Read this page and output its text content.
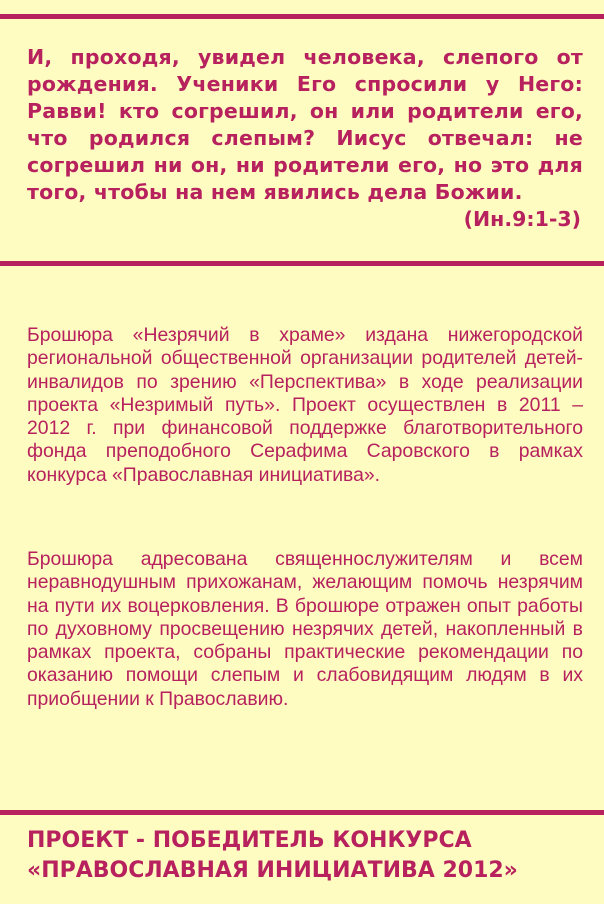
И, проходя, увидел человека, слепого от рождения. Ученики Его спросили у Него: Равви! кто согрешил, он или родители его, что родился слепым? Иисус отвечал: не согрешил ни он, ни родители его, но это для того, чтобы на нем явились дела Божии.
(Ин.9:1-3)
Брошюра «Незрячий в храме» издана нижегородской региональной общественной организации родителей детей-инвалидов по зрению «Перспектива» в ходе реализации проекта «Незримый путь». Проект осуществлен в 2011 – 2012 г. при финансовой поддержке благотворительного фонда преподобного Серафима Саровского в рамках конкурса «Православная инициатива».
Брошюра адресована священнослужителям и всем неравнодушным прихожанам, желающим помочь незрячим на пути их воцерковления. В брошюре отражен опыт работы по духовному просвещению незрячих детей, накопленный в рамках проекта, собраны практические рекомендации по оказанию помощи слепым и слабовидящим людям в их приобщении к Православию.
ПРОЕКТ - ПОБЕДИТЕЛЬ КОНКУРСА
«ПРАВОСЛАВНАЯ ИНИЦИАТИВА 2012»
